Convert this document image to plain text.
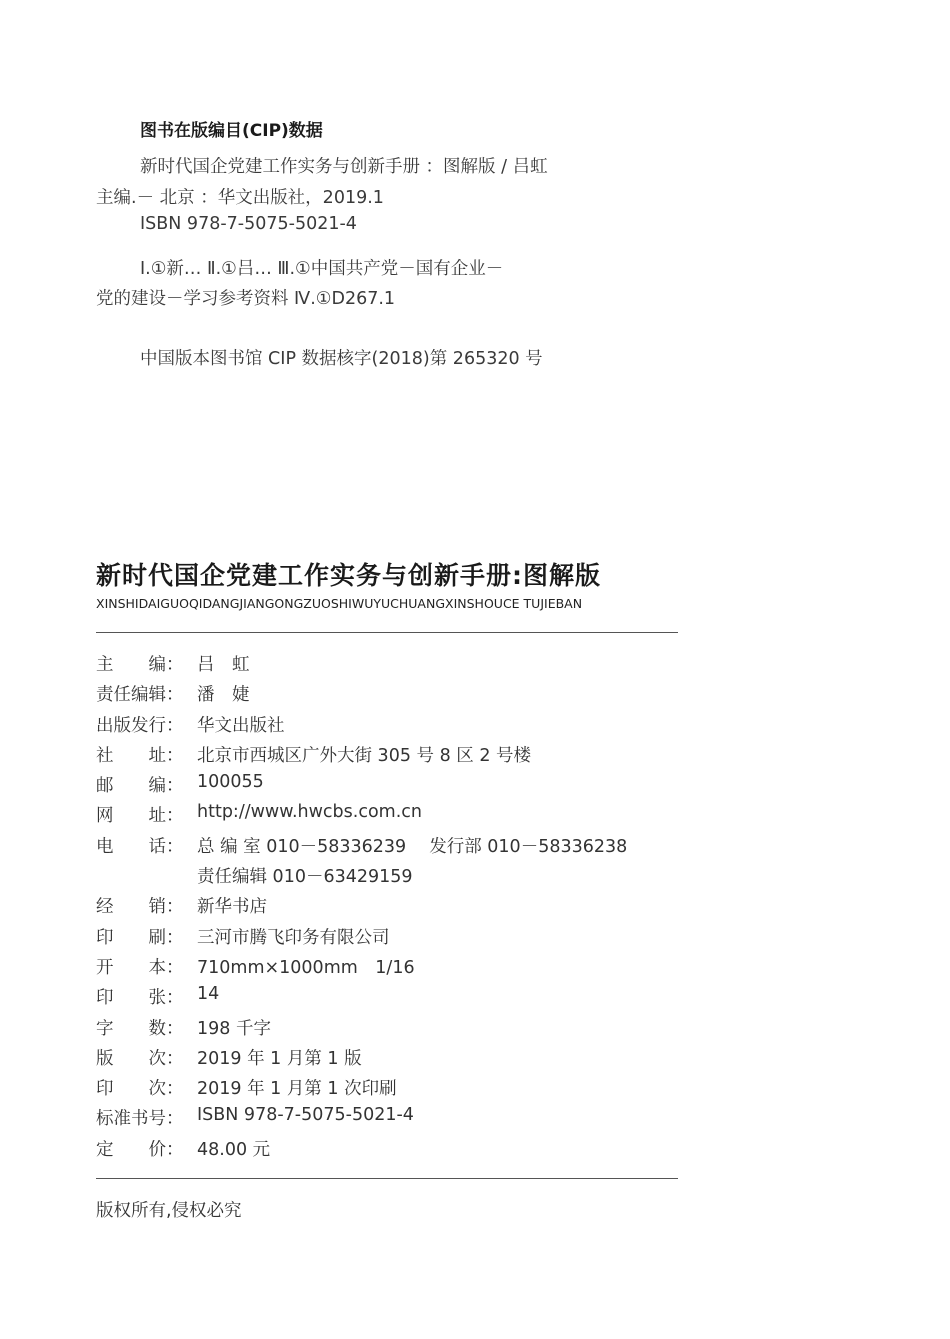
图书在版编目(CIP)数据
新时代国企党建工作实务与创新手册 ：图解版 / 吕虹
主编.－ 北京 ：华文出版社，2019.1
ISBN 978-7-5075-5021-4
Ⅰ.①新… Ⅱ.①吕… Ⅲ.①中国共产党－国有企业－
党的建设－学习参考资料 Ⅳ.①D267.1
中国版本图书馆 CIP 数据核字(2018)第 265320 号
新时代国企党建工作实务与创新手册:图解版
XINSHIDAIGUOQIDANGJIANGONGZUOSHIWUYUCHUANGXINSHOUCE TUJIEBAN
主　　编： 吕　虹
责任编辑： 潘　婕
出版发行： 华文出版社
社　　址： 北京市西城区广外大街 305 号 8 区 2 号楼
邮　　编： 100055
网　　址： http://www.hwcbs.com.cn
电　　话： 总 编 室 010－58336239　 发行部 010－58336238
责任编辑 010－63429159
经　　销： 新华书店
印　　刷： 三河市腾飞印务有限公司
开　　本： 710mm×1000mm　1/16
印　　张： 14
字　　数： 198 千字
版　　次： 2019 年 1 月第 1 版
印　　次： 2019 年 1 月第 1 次印刷
标准书号： ISBN 978-7-5075-5021-4
定　　价： 48.00 元
版权所有,侵权必究
